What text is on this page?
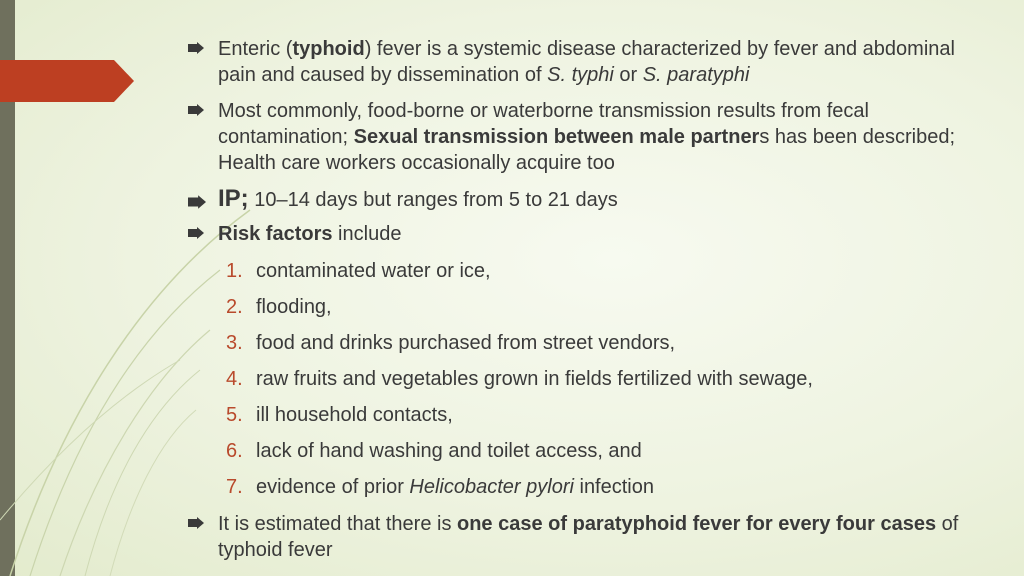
Enteric (typhoid) fever is a systemic disease characterized by fever and abdominal pain and caused by dissemination of S. typhi or S. paratyphi
Most commonly, food-borne or waterborne transmission results from fecal contamination; Sexual transmission between male partners has been described; Health care workers occasionally acquire too
IP; 10–14 days but ranges from 5 to 21 days
Risk factors include
1. contaminated water or ice,
2. flooding,
3. food and drinks purchased from street vendors,
4. raw fruits and vegetables grown in fields fertilized with sewage,
5. ill household contacts,
6. lack of hand washing and toilet access, and
7. evidence of prior Helicobacter pylori infection
It is estimated that there is one case of paratyphoid fever for every four cases of typhoid fever
